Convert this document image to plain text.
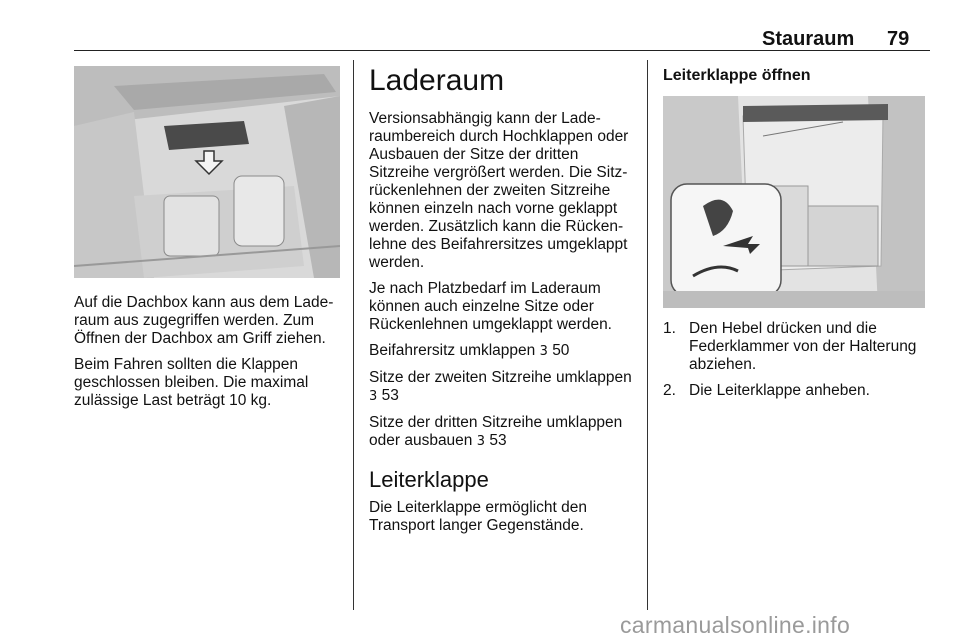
Stauraum 79

Auf die Dachbox kann aus dem Laderaum aus zugegriffen werden. Zum Öffnen der Dachbox am Griff ziehen.

Beim Fahren sollten die Klappen geschlossen bleiben. Die maximal zulässige Last beträgt 10 kg.

Laderaum

Versionsabhängig kann der Laderaumbereich durch Hochklappen oder Ausbauen der Sitze der dritten Sitzreihe vergrößert werden. Die Sitzrückenlehnen der zweiten Sitzreihe können einzeln nach vorne geklappt werden. Zusätzlich kann die Rückenlehne des Beifahrersitzes umgeklappt werden.

Je nach Platzbedarf im Laderaum können auch einzelne Sitze oder Rückenlehnen umgeklappt werden.

Beifahrersitz umklappen 3 50

Sitze der zweiten Sitzreihe umklappen 3 53

Sitze der dritten Sitzreihe umklappen oder ausbauen 3 53

Leiterklappe

Die Leiterklappe ermöglicht den Transport langer Gegenstände.

Leiterklappe öffnen
1. Den Hebel drücken und die Federklammer von der Halterung abziehen.
2. Die Leiterklappe anheben.
carmanualsonline.info
